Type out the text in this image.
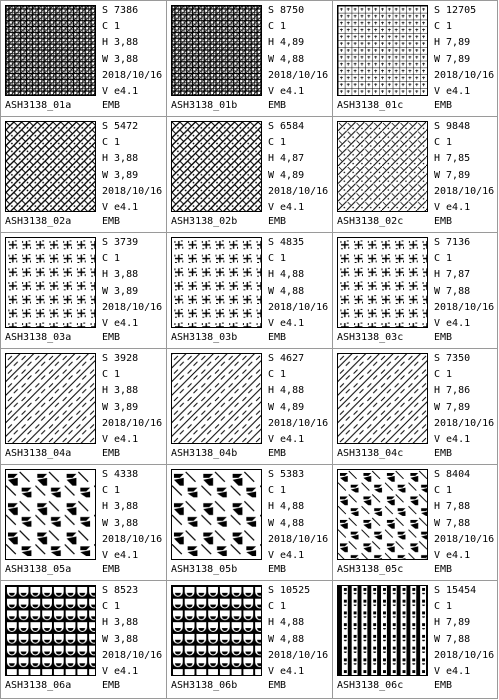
S 7386
C 1
H 3,88
W 3,88
2018/10/16
V e4.1
ASH3138_01a	EMB
S 8750
C 1
H 4,89
W 4,88
2018/10/16
V e4.1
ASH3138_01b	EMB
S 12705
C 1
H 7,89
W 7,89
2018/10/16
V e4.1
ASH3138_01c	EMB
S 5472
C 1
H 3,88
W 3,89
2018/10/16
V e4.1
ASH3138_02a	EMB
S 6584
C 1
H 4,87
W 4,89
2018/10/16
V e4.1
ASH3138_02b	EMB
S 9848
C 1
H 7,85
W 7,89
2018/10/16
V e4.1
ASH3138_02c	EMB
S 3739
C 1
H 3,88
W 3,89
2018/10/16
V e4.1
ASH3138_03a	EMB
S 4835
C 1
H 4,88
W 4,88
2018/10/16
V e4.1
ASH3138_03b	EMB
S 7136
C 1
H 7,87
W 7,88
2018/10/16
V e4.1
ASH3138_03c	EMB
S 3928
C 1
H 3,88
W 3,89
2018/10/16
V e4.1
ASH3138_04a	EMB
S 4627
C 1
H 4,88
W 4,89
2018/10/16
V e4.1
ASH3138_04b	EMB
S 7350
C 1
H 7,86
W 7,89
2018/10/16
V e4.1
ASH3138_04c	EMB
S 4338
C 1
H 3,88
W 3,88
2018/10/16
V e4.1
ASH3138_05a	EMB
S 5383
C 1
H 4,88
W 4,88
2018/10/16
V e4.1
ASH3138_05b	EMB
S 8404
C 1
H 7,88
W 7,88
2018/10/16
V e4.1
ASH3138_05c	EMB
S 8523
C 1
H 3,88
W 3,88
2018/10/16
V e4.1
ASH3138_06a	EMB
S 10525
C 1
H 4,88
W 4,88
2018/10/16
V e4.1
ASH3138_06b	EMB
S 15454
C 1
H 7,89
W 7,88
2018/10/16
V e4.1
ASH3138_06c	EMB
